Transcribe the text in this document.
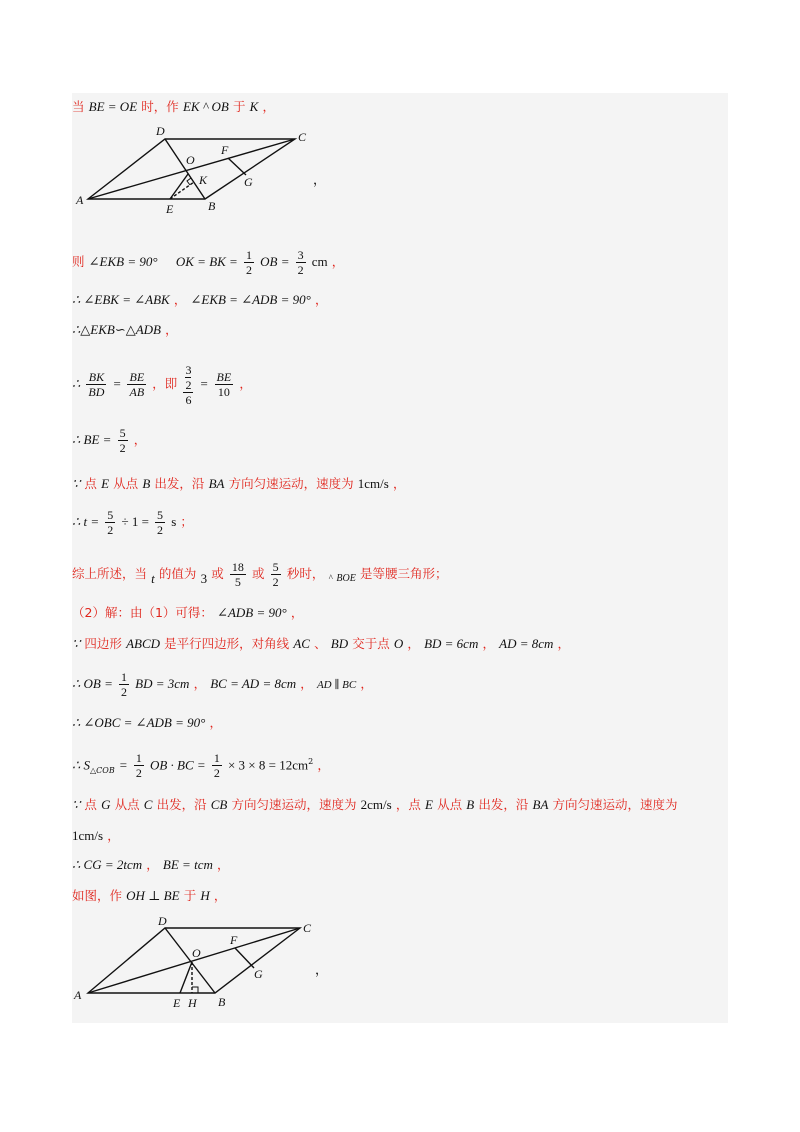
当 BE = OE 时，作 EK ^ OB 于 K ，
A	B
C
D
O
E
F
G
K	，
则 ∠EKB = 90° OK = BK = $\frac{1}{2}$ OB = $\frac{3}{2}$ cm ，
∴ ∠EBK = ∠ABK ， ∠EKB = ∠ADB = 90° ，
∴△EKB∽△ADB ，
∴ $\frac{BK}{BD} = \frac{BE}{AB}$ ，即 3
2
$6 = \frac{BE}{10}$ ，
∴ BE = $\frac{5}{2}$ ，
∵ 点 E 从点 B 出发，沿 BA 方向匀速运动，速度为 1cm/s ，
∴ $t = \frac{5}{2} \div 1 = \frac{5}{2}$ s ；
综上所述，当 t 的值为 3 或 $\frac{18}{5}$ 或 $\frac{5}{2}$ 秒时， $_{\^{}}$ $_{BOE}$ 是等腰三角形；
（2）解：由（1）可得： ∠ADB = 90° ，
∵ 四边形 ABCD 是平行四边形，对角线 AC 、 BD 交于点 O ， BD = 6cm ， AD = 8cm ，
∴ OB = $\frac{1}{2}$ BD = 3cm ， BC = AD = 8cm ， AD ∥ BC ，
∴ ∠OBC = ∠ADB = 90° ，
∴ $S_{\triangle COB} = \frac{1}{2}$ OB · BC = $\frac{1}{2} \times 3 \times 8 = 12cm^2$ ，
∵ 点 G 从点 C 出发，沿 CB 方向匀速运动，速度为 2cm/s ，点 E 从点 B 出发，沿 BA 方向匀速运动，速度为
1cm/s ，
∴ CG = 2tcm ， BE = tcm ，
如图，作 OH ⊥ BE 于 H ，
A	B
C
D
O
E
F
G
H
，
